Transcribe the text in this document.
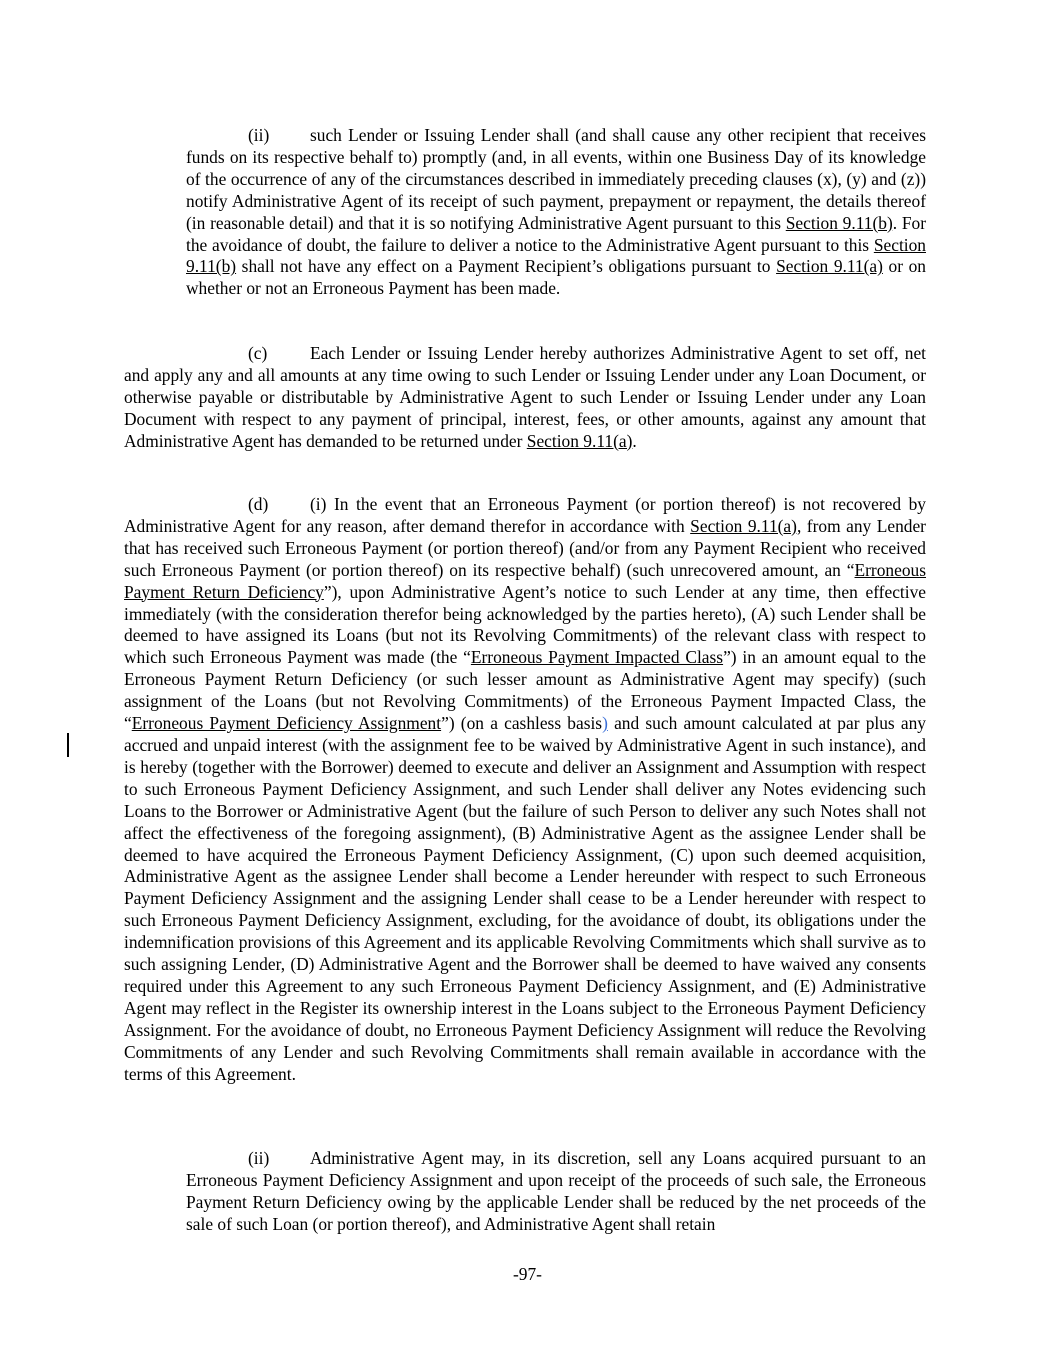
(ii) such Lender or Issuing Lender shall (and shall cause any other recipient that receives funds on its respective behalf to) promptly (and, in all events, within one Business Day of its knowledge of the occurrence of any of the circumstances described in immediately preceding clauses (x), (y) and (z)) notify Administrative Agent of its receipt of such payment, prepayment or repayment, the details thereof (in reasonable detail) and that it is so notifying Administrative Agent pursuant to this Section 9.11(b). For the avoidance of doubt, the failure to deliver a notice to the Administrative Agent pursuant to this Section 9.11(b) shall not have any effect on a Payment Recipient’s obligations pursuant to Section 9.11(a) or on whether or not an Erroneous Payment has been made.

(c) Each Lender or Issuing Lender hereby authorizes Administrative Agent to set off, net and apply any and all amounts at any time owing to such Lender or Issuing Lender under any Loan Document, or otherwise payable or distributable by Administrative Agent to such Lender or Issuing Lender under any Loan Document with respect to any payment of principal, interest, fees, or other amounts, against any amount that Administrative Agent has demanded to be returned under Section 9.11(a).

(d) (i) In the event that an Erroneous Payment (or portion thereof) is not recovered by Administrative Agent for any reason, after demand therefor in accordance with Section 9.11(a), from any Lender that has received such Erroneous Payment (or portion thereof) (and/or from any Payment Recipient who received such Erroneous Payment (or portion thereof) on its respective behalf) (such unrecovered amount, an “Erroneous Payment Return Deficiency”), upon Administrative Agent’s notice to such Lender at any time, then effective immediately (with the consideration therefor being acknowledged by the parties hereto), (A) such Lender shall be deemed to have assigned its Loans (but not its Revolving Commitments) of the relevant class with respect to which such Erroneous Payment was made (the “Erroneous Payment Impacted Class”) in an amount equal to the Erroneous Payment Return Deficiency (or such lesser amount as Administrative Agent may specify) (such assignment of the Loans (but not Revolving Commitments) of the Erroneous Payment Impacted Class, the “Erroneous Payment Deficiency Assignment”) (on a cashless basis) and such amount calculated at par plus any accrued and unpaid interest (with the assignment fee to be waived by Administrative Agent in such instance), and is hereby (together with the Borrower) deemed to execute and deliver an Assignment and Assumption with respect to such Erroneous Payment Deficiency Assignment, and such Lender shall deliver any Notes evidencing such Loans to the Borrower or Administrative Agent (but the failure of such Person to deliver any such Notes shall not affect the effectiveness of the foregoing assignment), (B) Administrative Agent as the assignee Lender shall be deemed to have acquired the Erroneous Payment Deficiency Assignment, (C) upon such deemed acquisition, Administrative Agent as the assignee Lender shall become a Lender hereunder with respect to such Erroneous Payment Deficiency Assignment and the assigning Lender shall cease to be a Lender hereunder with respect to such Erroneous Payment Deficiency Assignment, excluding, for the avoidance of doubt, its obligations under the indemnification provisions of this Agreement and its applicable Revolving Commitments which shall survive as to such assigning Lender, (D) Administrative Agent and the Borrower shall be deemed to have waived any consents required under this Agreement to any such Erroneous Payment Deficiency Assignment, and (E) Administrative Agent may reflect in the Register its ownership interest in the Loans subject to the Erroneous Payment Deficiency Assignment. For the avoidance of doubt, no Erroneous Payment Deficiency Assignment will reduce the Revolving Commitments of any Lender and such Revolving Commitments shall remain available in accordance with the terms of this Agreement.

(ii) Administrative Agent may, in its discretion, sell any Loans acquired pursuant to an Erroneous Payment Deficiency Assignment and upon receipt of the proceeds of such sale, the Erroneous Payment Return Deficiency owing by the applicable Lender shall be reduced by the net proceeds of the sale of such Loan (or portion thereof), and Administrative Agent shall retain

-97-
